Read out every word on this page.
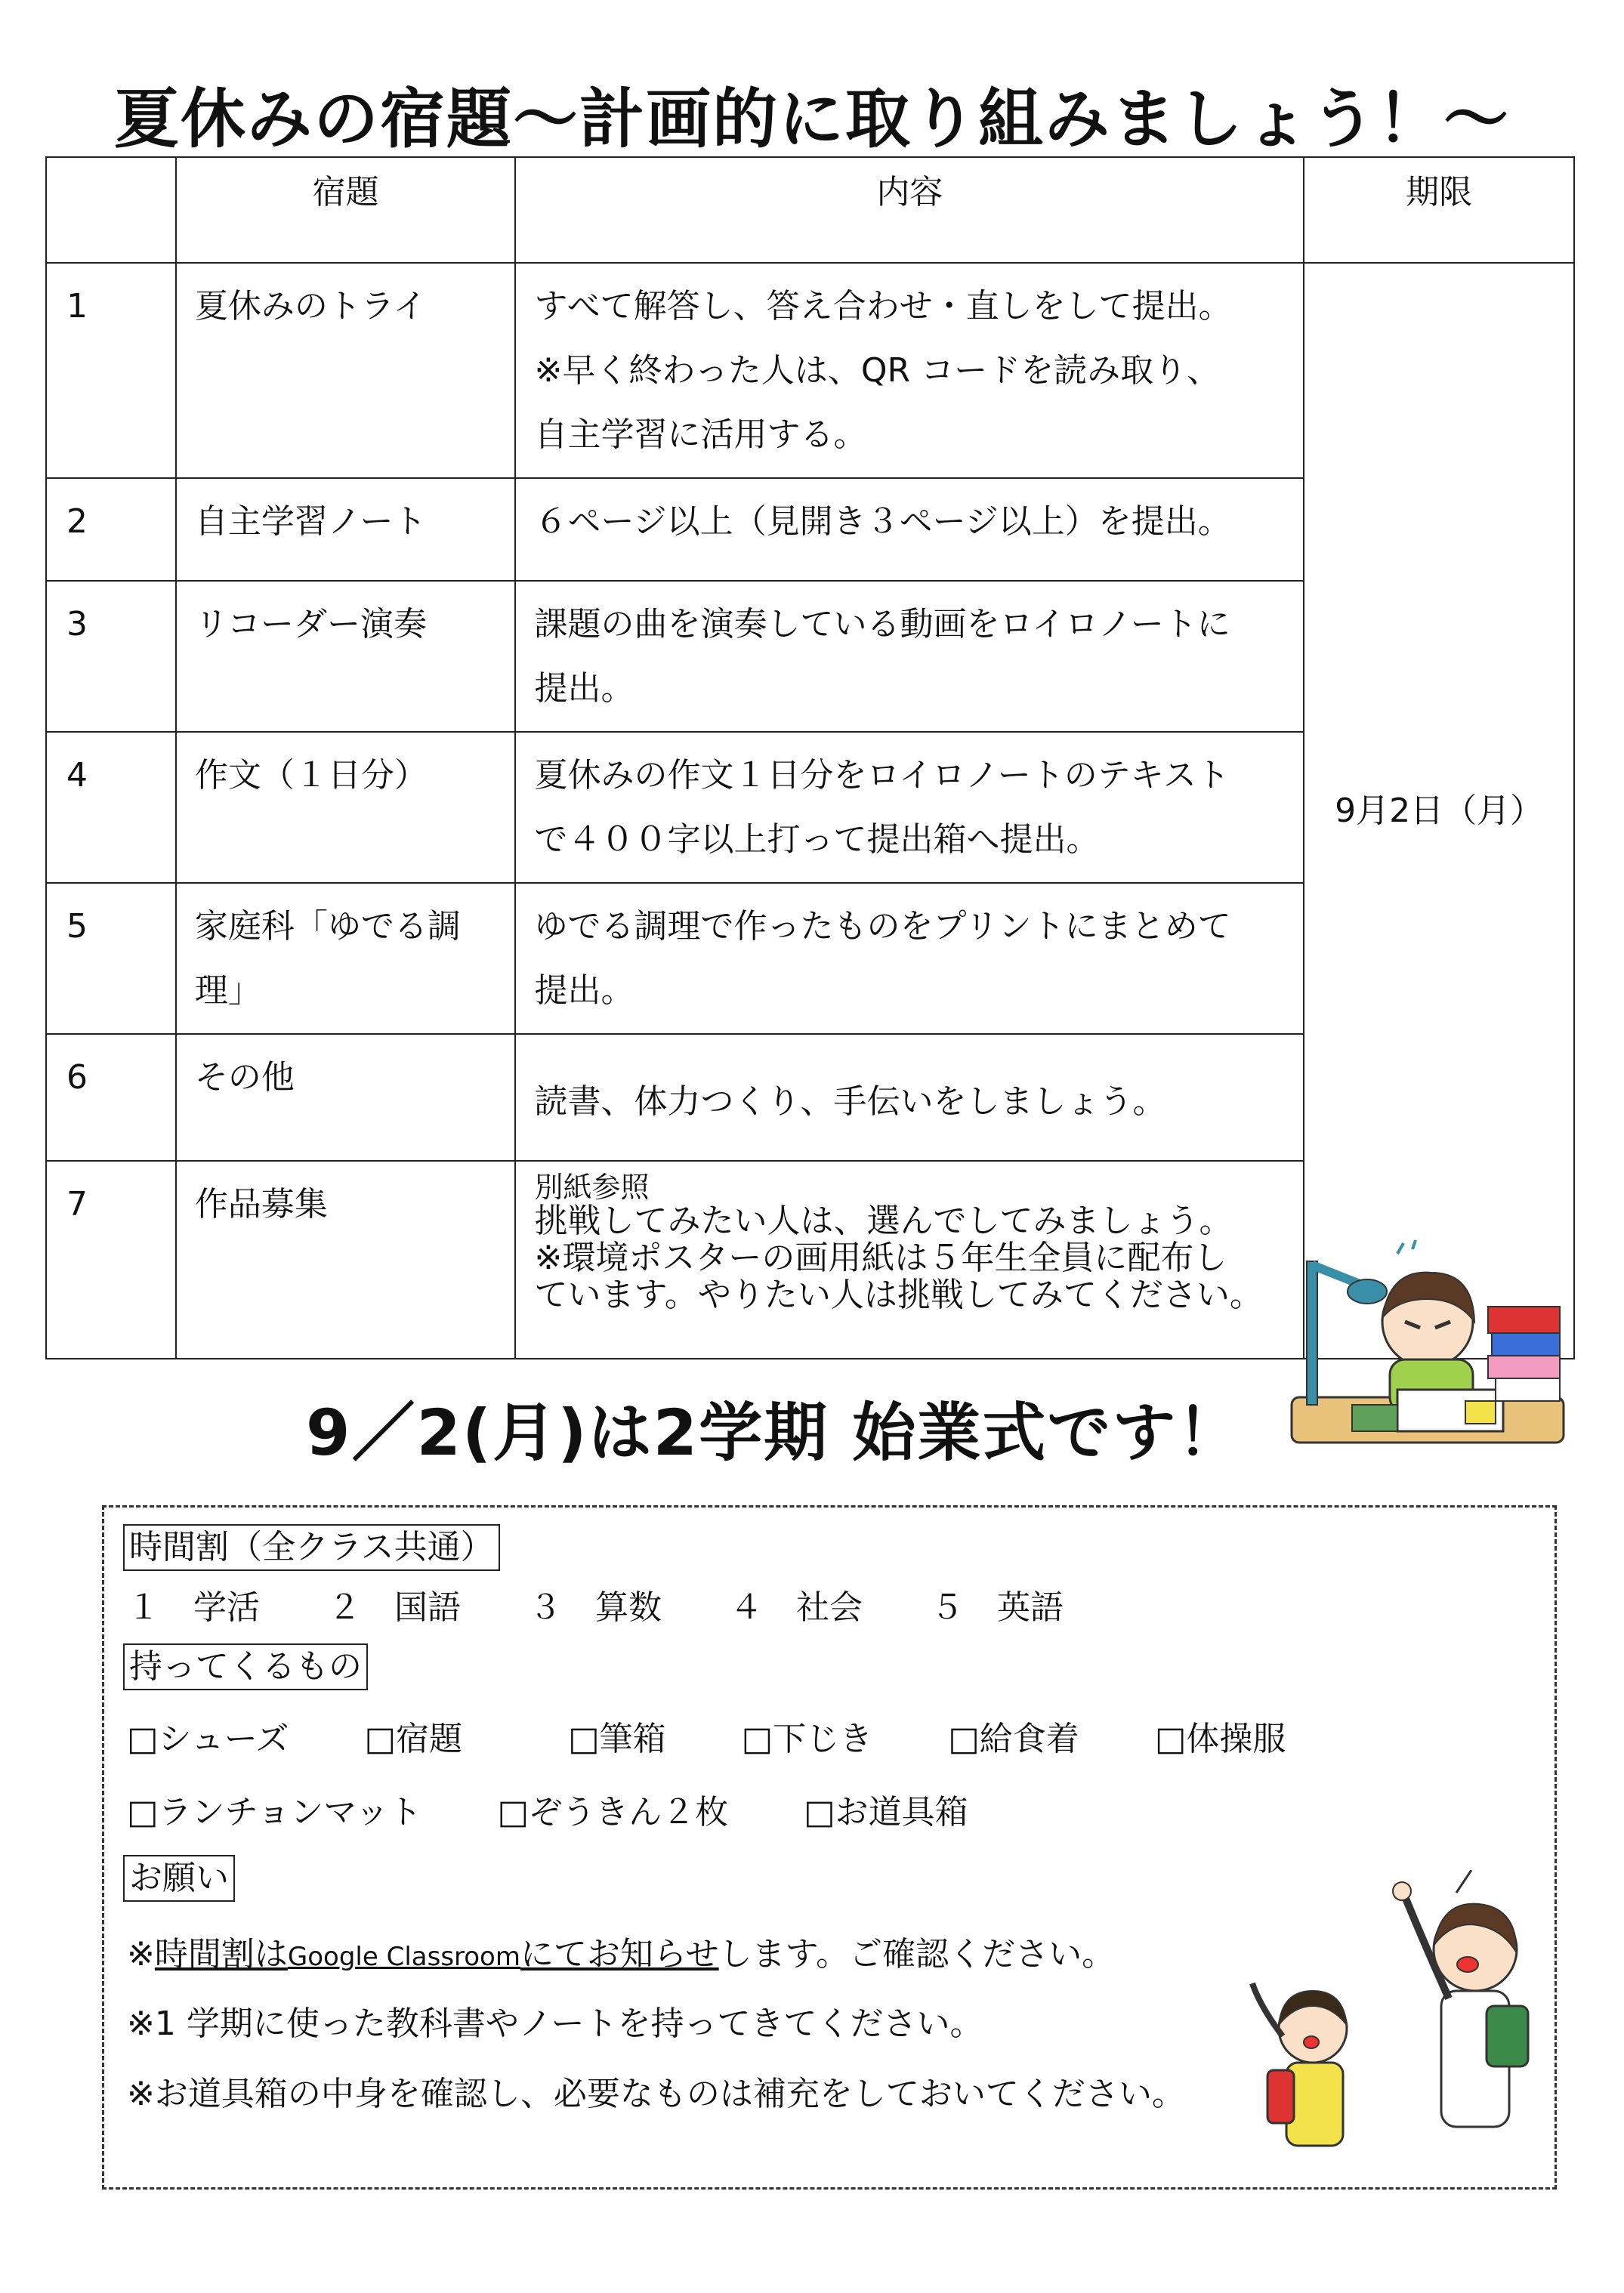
夏休みの宿題～計画的に取り組みましょう！～
	宿題	内容	期限
1	夏休みのトライ	すべて解答し、答え合わせ・直しをして提出。
※早く終わった人は、QR コードを読み取り、
自主学習に活用する。	9月2日（月）
2	自主学習ノート	６ページ以上（見開き３ページ以上）を提出。	

3	リコーダー演奏	課題の曲を演奏している動画をロイロノートに
提出。	

4	作文（１日分）	夏休みの作文１日分をロイロノートのテキスト
で４００字以上打って提出箱へ提出。	

5	家庭科「ゆでる調
理」	ゆでる調理で作ったものをプリントにまとめて
提出。	

6	その他	読書、体力つくり、手伝いをしましょう。	

7	作品募集	別紙参照
挑戦してみたい人は、選んでしてみましょう。
※環境ポスターの画用紙は５年生全員に配布し
ています。やりたい人は挑戦してみてください。	
9／2(月)は2学期 始業式です！
時間割（全クラス共通）
１　学活 ２　国語 ３　算数 ４　社会 ５　英語
持ってくるもの
□シューズ □宿題	□筆箱 □下じき □給食着 □体操服
□ランチョンマット □ぞうきん２枚 □お道具箱
お願い
※時間割はGoogle Classroomにてお知らせします。ご確認ください。
※1 学期に使った教科書やノートを持ってきてください。
※お道具箱の中身を確認し、必要なものは補充をしておいてください。
